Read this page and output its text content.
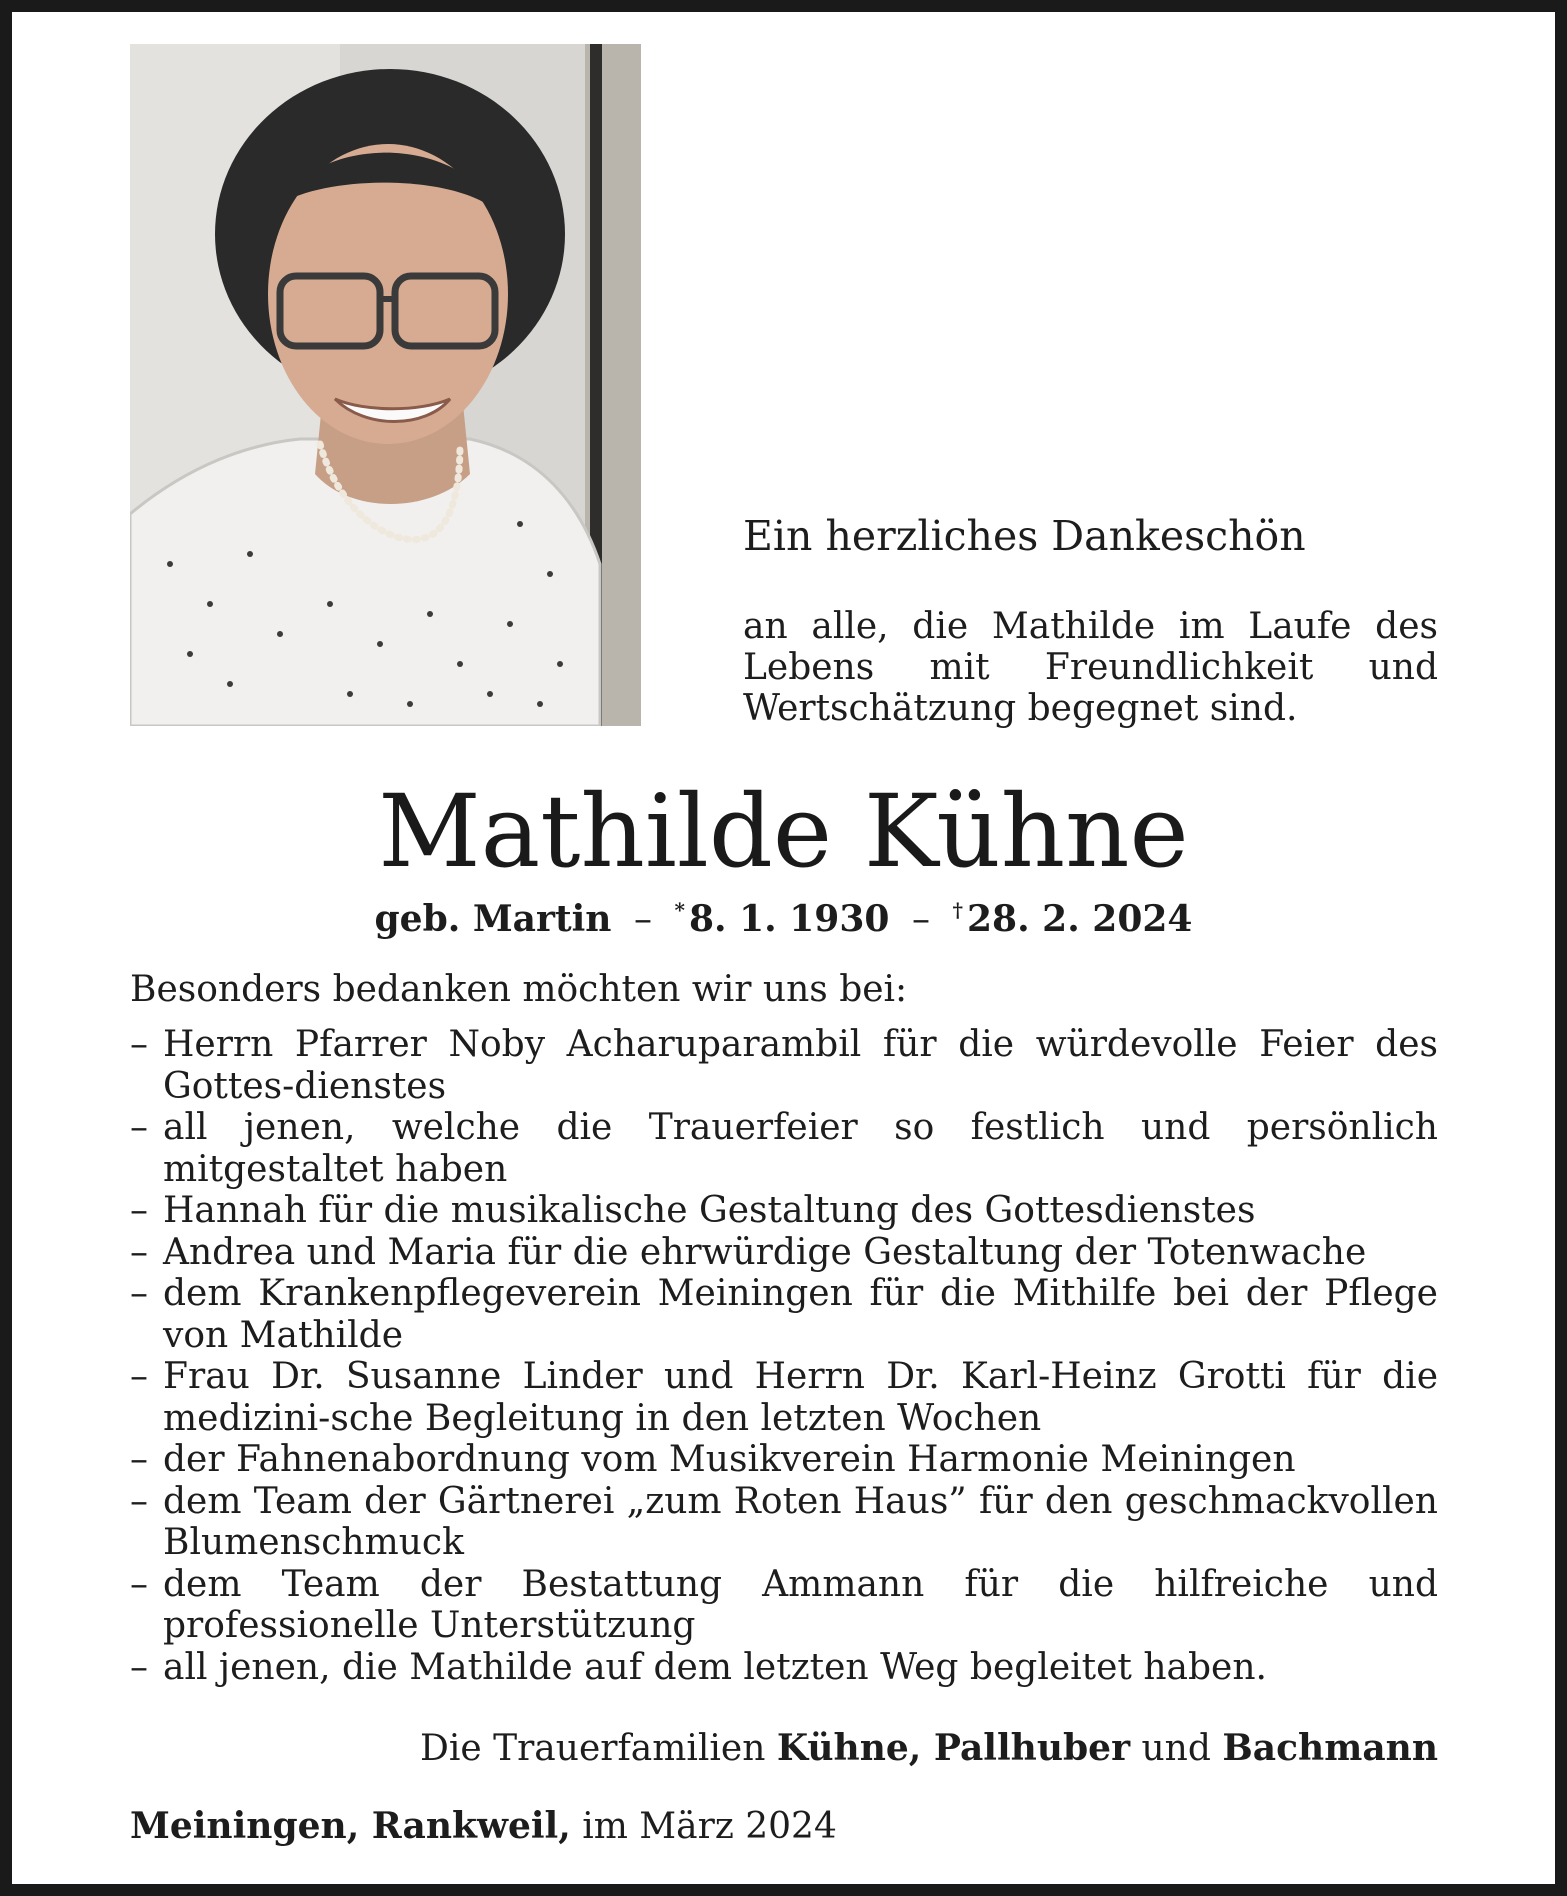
Ein herzliches Dankeschön
an alle, die Mathilde im Laufe des Lebens mit Freundlichkeit und Wertschätzung begegnet sind.
Mathilde Kühne
geb. Martin – * 8. 1. 1930 – † 28. 2. 2024
Besonders bedanken möchten wir uns bei:
– Herrn Pfarrer Noby Acharuparambil für die würdevolle Feier des Gottes-dienstes
– all jenen, welche die Trauerfeier so festlich und persönlich mitgestaltet haben
– Hannah für die musikalische Gestaltung des Gottesdienstes
– Andrea und Maria für die ehrwürdige Gestaltung der Totenwache
– dem Krankenpflegeverein Meiningen für die Mithilfe bei der Pflege von Mathilde
– Frau Dr. Susanne Linder und Herrn Dr. Karl-Heinz Grotti für die medizini-sche Begleitung in den letzten Wochen
– der Fahnenabordnung vom Musikverein Harmonie Meiningen
– dem Team der Gärtnerei „zum Roten Haus” für den geschmackvollen Blumenschmuck
– dem Team der Bestattung Ammann für die hilfreiche und professionelle Unterstützung
– all jenen, die Mathilde auf dem letzten Weg begleitet haben.
Die Trauerfamilien Kühne, Pallhuber und Bachmann
Meiningen, Rankweil, im März 2024
